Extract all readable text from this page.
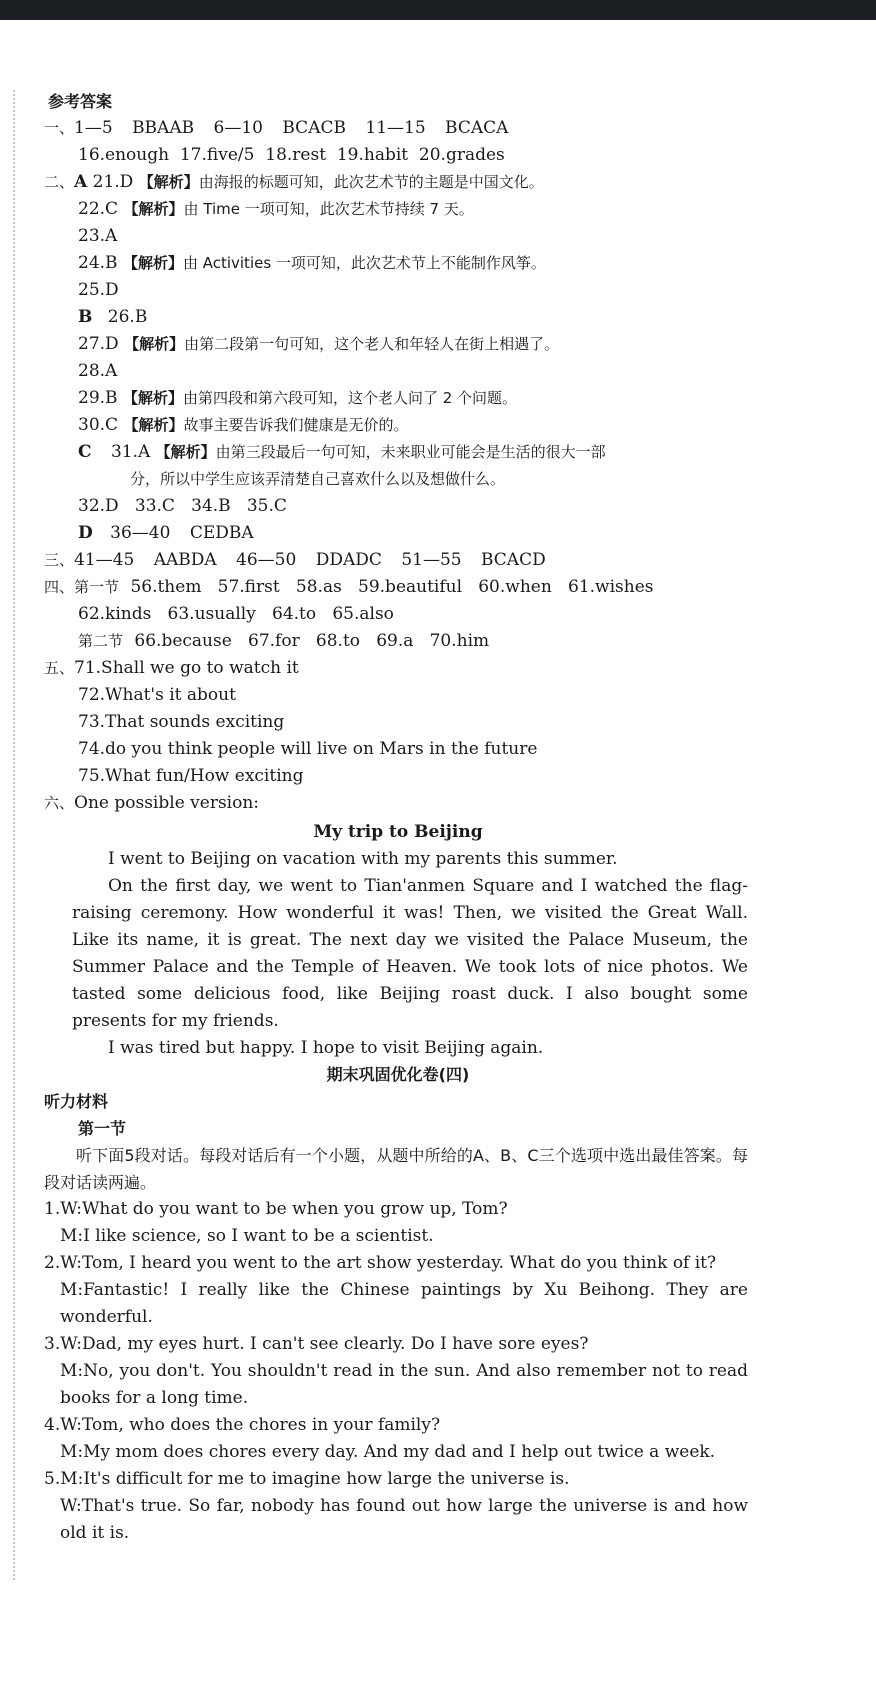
参考答案
一、1—5 BBAAB 6—10 BCACB 11—15 BCACA
16.enough  17.five/5  18.rest  19.habit  20.grades
二、A 21.D 【解析】由海报的标题可知，此次艺术节的主题是中国文化。
22.C 【解析】由 Time 一项可知，此次艺术节持续 7 天。
23.A
24.B 【解析】由 Activities 一项可知，此次艺术节上不能制作风筝。
25.D
B 26.B
27.D 【解析】由第二段第一句可知，这个老人和年轻人在街上相遇了。
28.A
29.B 【解析】由第四段和第六段可知，这个老人问了 2 个问题。
30.C 【解析】故事主要告诉我们健康是无价的。
C 31.A 【解析】由第三段最后一句可知，未来职业可能会是生活的很大一部
分，所以中学生应该弄清楚自己喜欢什么以及想做什么。
32.D   33.C   34.B   35.C
D 36—40 CEDBA
三、41—45 AABDA 46—50 DDADC 51—55 BCACD
四、第一节 56.them   57.first   58.as   59.beautiful   60.when   61.wishes
62.kinds   63.usually   64.to   65.also
第二节 66.because   67.for   68.to   69.a   70.him
五、71.Shall we go to watch it
72.What's it about
73.That sounds exciting
74.do you think people will live on Mars in the future
75.What fun/How exciting
六、One possible version:
My trip to Beijing
I went to Beijing on vacation with my parents this summer.
On the first day, we went to Tian'anmen Square and I watched the flag-raising ceremony. How wonderful it was! Then, we visited the Great Wall. Like its name, it is great. The next day we visited the Palace Museum, the Summer Palace and the Temple of Heaven. We took lots of nice photos. We tasted some delicious food, like Beijing roast duck. I also bought some presents for my friends.
I was tired but happy. I hope to visit Beijing again.
期末巩固优化卷(四)
听力材料
第一节
听下面5段对话。每段对话后有一个小题，从题中所给的A、B、C三个选项中选出最佳答案。每段对话读两遍。
1.W:What do you want to be when you grow up, Tom?
M:I like science, so I want to be a scientist.
2.W:Tom, I heard you went to the art show yesterday. What do you think of it?
M:Fantastic! I really like the Chinese paintings by Xu Beihong. They are wonderful.
3.W:Dad, my eyes hurt. I can't see clearly. Do I have sore eyes?
M:No, you don't. You shouldn't read in the sun. And also remember not to read books for a long time.
4.W:Tom, who does the chores in your family?
M:My mom does chores every day. And my dad and I help out twice a week.
5.M:It's difficult for me to imagine how large the universe is.
W:That's true. So far, nobody has found out how large the universe is and how old it is.
